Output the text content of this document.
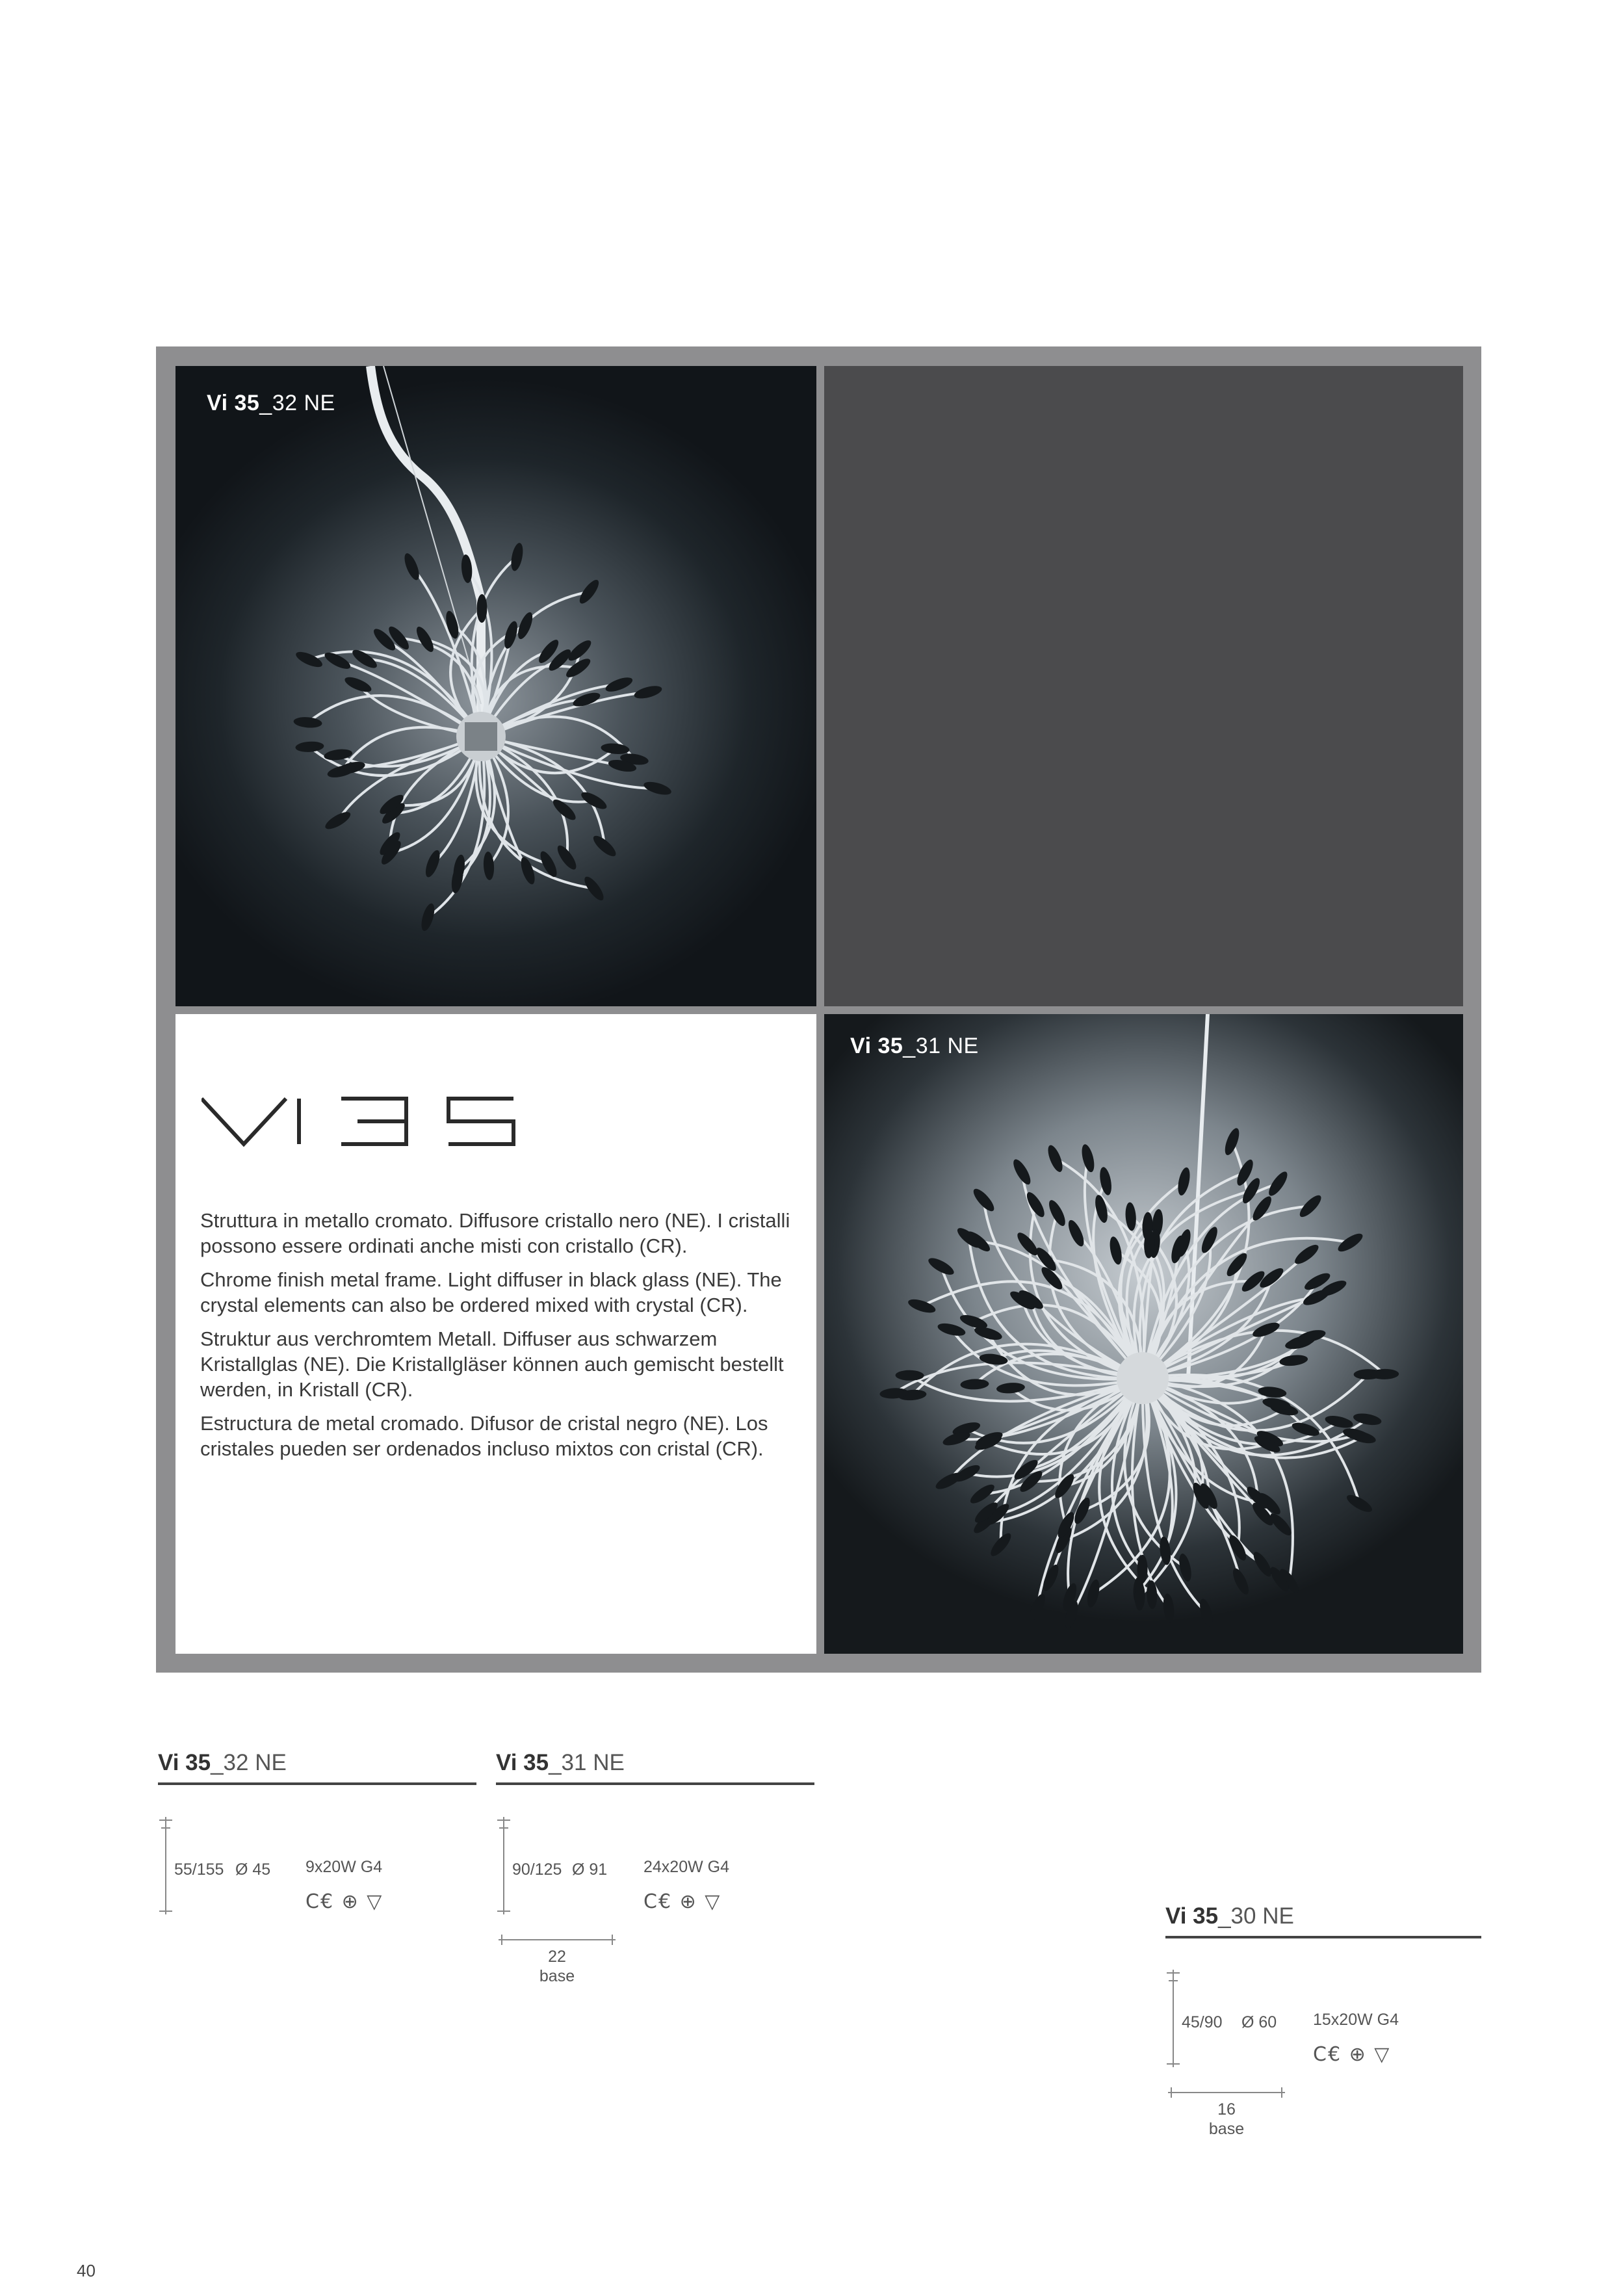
Vi 35_32 NE

Struttura in metallo cromato. Diffusore cristallo nero (NE). I cristalli possono essere ordinati anche misti con cristallo (CR).

Chrome finish metal frame. Light diffuser in black glass (NE). The crystal elements can also be ordered mixed with crystal (CR).

Struktur aus verchromtem Metall. Diffuser aus schwarzem Kristallglas (NE). Die Kristallgläser können auch gemischt bestellt werden, in Kristall (CR).

Estructura de metal cromado. Difusor de cristal negro (NE). Los cristales pueden ser ordenados incluso mixtos con cristal (CR).

Vi 35_31 NE
Vi 35_32 NE
55/155 Ø 45 9x20W G4
C€ ⊕ ▽
Vi 35_31 NE
90/125 Ø 91 24x20W G4
C€ ⊕ ▽
22
base
Vi 35_30 NE
45/90 Ø 60 15x20W G4
C€ ⊕ ▽
16
base
40
